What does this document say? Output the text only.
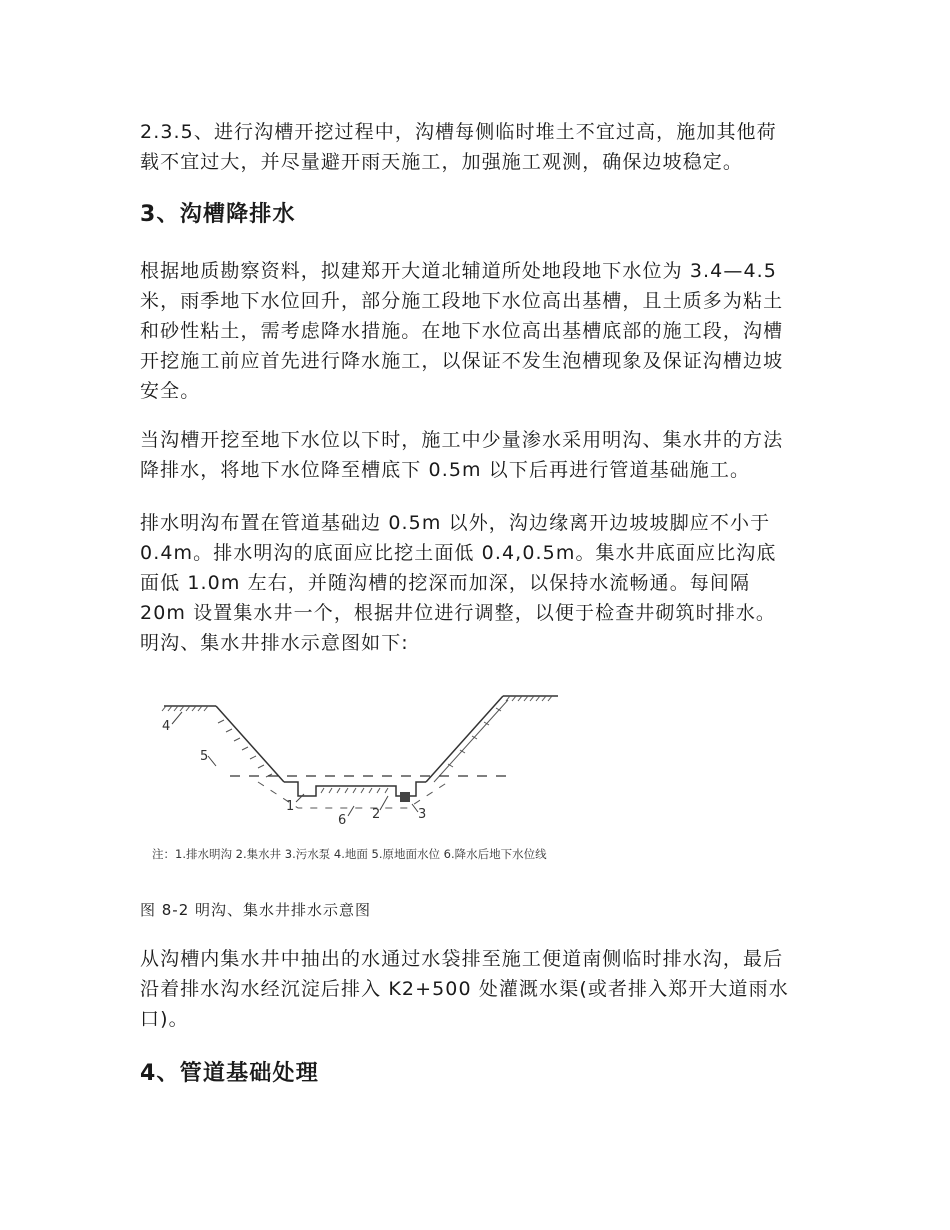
2.3.5、进行沟槽开挖过程中，沟槽每侧临时堆土不宜过高，施加其他荷
载不宜过大，并尽量避开雨天施工，加强施工观测，确保边坡稳定。

3、沟槽降排水

根据地质勘察资料，拟建郑开大道北辅道所处地段地下水位为 3.4—4.5
米，雨季地下水位回升，部分施工段地下水位高出基槽，且土质多为粘土
和砂性粘土，需考虑降水措施。在地下水位高出基槽底部的施工段，沟槽
开挖施工前应首先进行降水施工，以保证不发生泡槽现象及保证沟槽边坡
安全。

当沟槽开挖至地下水位以下时，施工中少量渗水采用明沟、集水井的方法
降排水，将地下水位降至槽底下 0.5m 以下后再进行管道基础施工。

排水明沟布置在管道基础边 0.5m 以外，沟边缘离开边坡坡脚应不小于
0.4m。排水明沟的底面应比挖土面低 0.4,0.5m。集水井底面应比沟底
面低 1.0m 左右，并随沟槽的挖深而加深，以保持水流畅通。每间隔
20m 设置集水井一个，根据井位进行调整，以便于检查井砌筑时排水。
明沟、集水井排水示意图如下:

4
5
1
2	3
6
注：1.排水明沟 2.集水井 3.污水泵 4.地面 5.原地面水位 6.降水后地下水位线
图 8-2 明沟、集水井排水示意图

从沟槽内集水井中抽出的水通过水袋排至施工便道南侧临时排水沟，最后
沿着排水沟水经沉淀后排入 K2+500 处灌溉水渠(或者排入郑开大道雨水
口)。

4、管道基础处理
